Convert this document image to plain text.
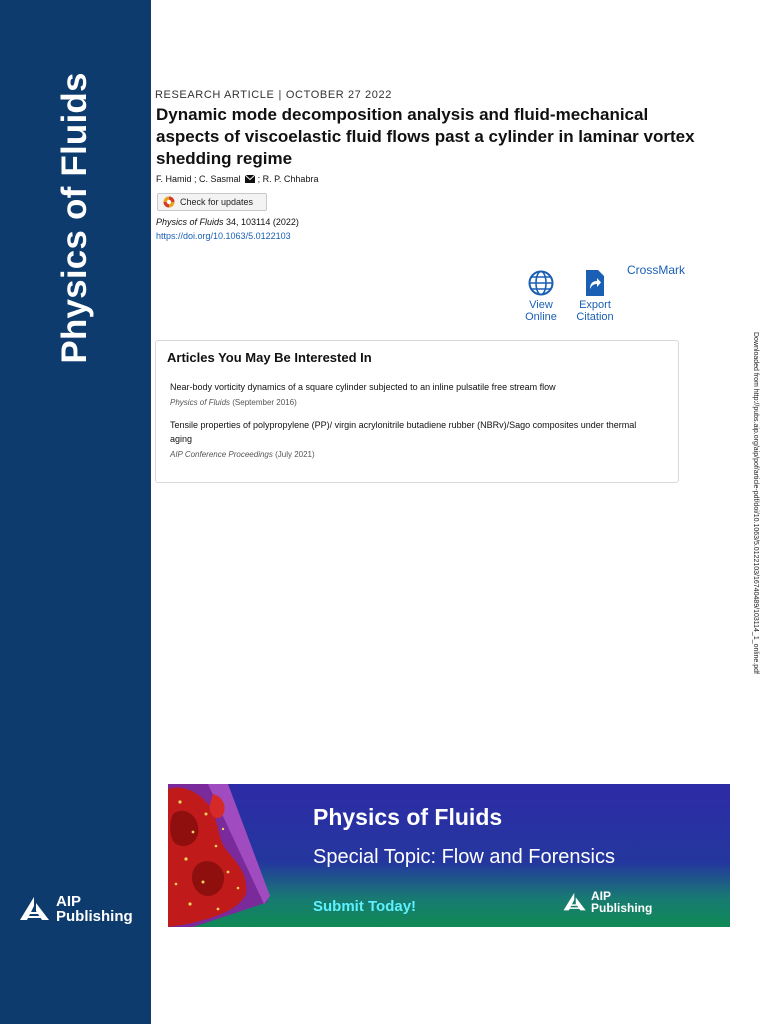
Physics of Fluids
AIP
Publishing
RESEARCH ARTICLE | OCTOBER 27 2022
Dynamic mode decomposition analysis and fluid-mechanical aspects of viscoelastic fluid flows past a cylinder in laminar vortex shedding regime
F. Hamid ; C. Sasmal  ; R. P. Chhabra
Check for updates
Physics of Fluids 34, 103114 (2022)
https://doi.org/10.1063/5.0122103
View
Online
Export
Citation
CrossMark
Articles You May Be Interested In
Near-body vorticity dynamics of a square cylinder subjected to an inline pulsatile free stream flow
Physics of Fluids (September 2016)
Tensile properties of polypropylene (PP)/ virgin acrylonitrile butadiene rubber (NBRv)/Sago composites under thermal aging
AIP Conference Proceedings (July 2021)	Downloaded from http://pubs.aip.org/aip/pof/article-pdf/doi/10.1063/5.0122103/16740489/103114_1_online.pdf
Physics of Fluids
Special Topic: Flow and Forensics
Submit Today!
AIP
Publishing
